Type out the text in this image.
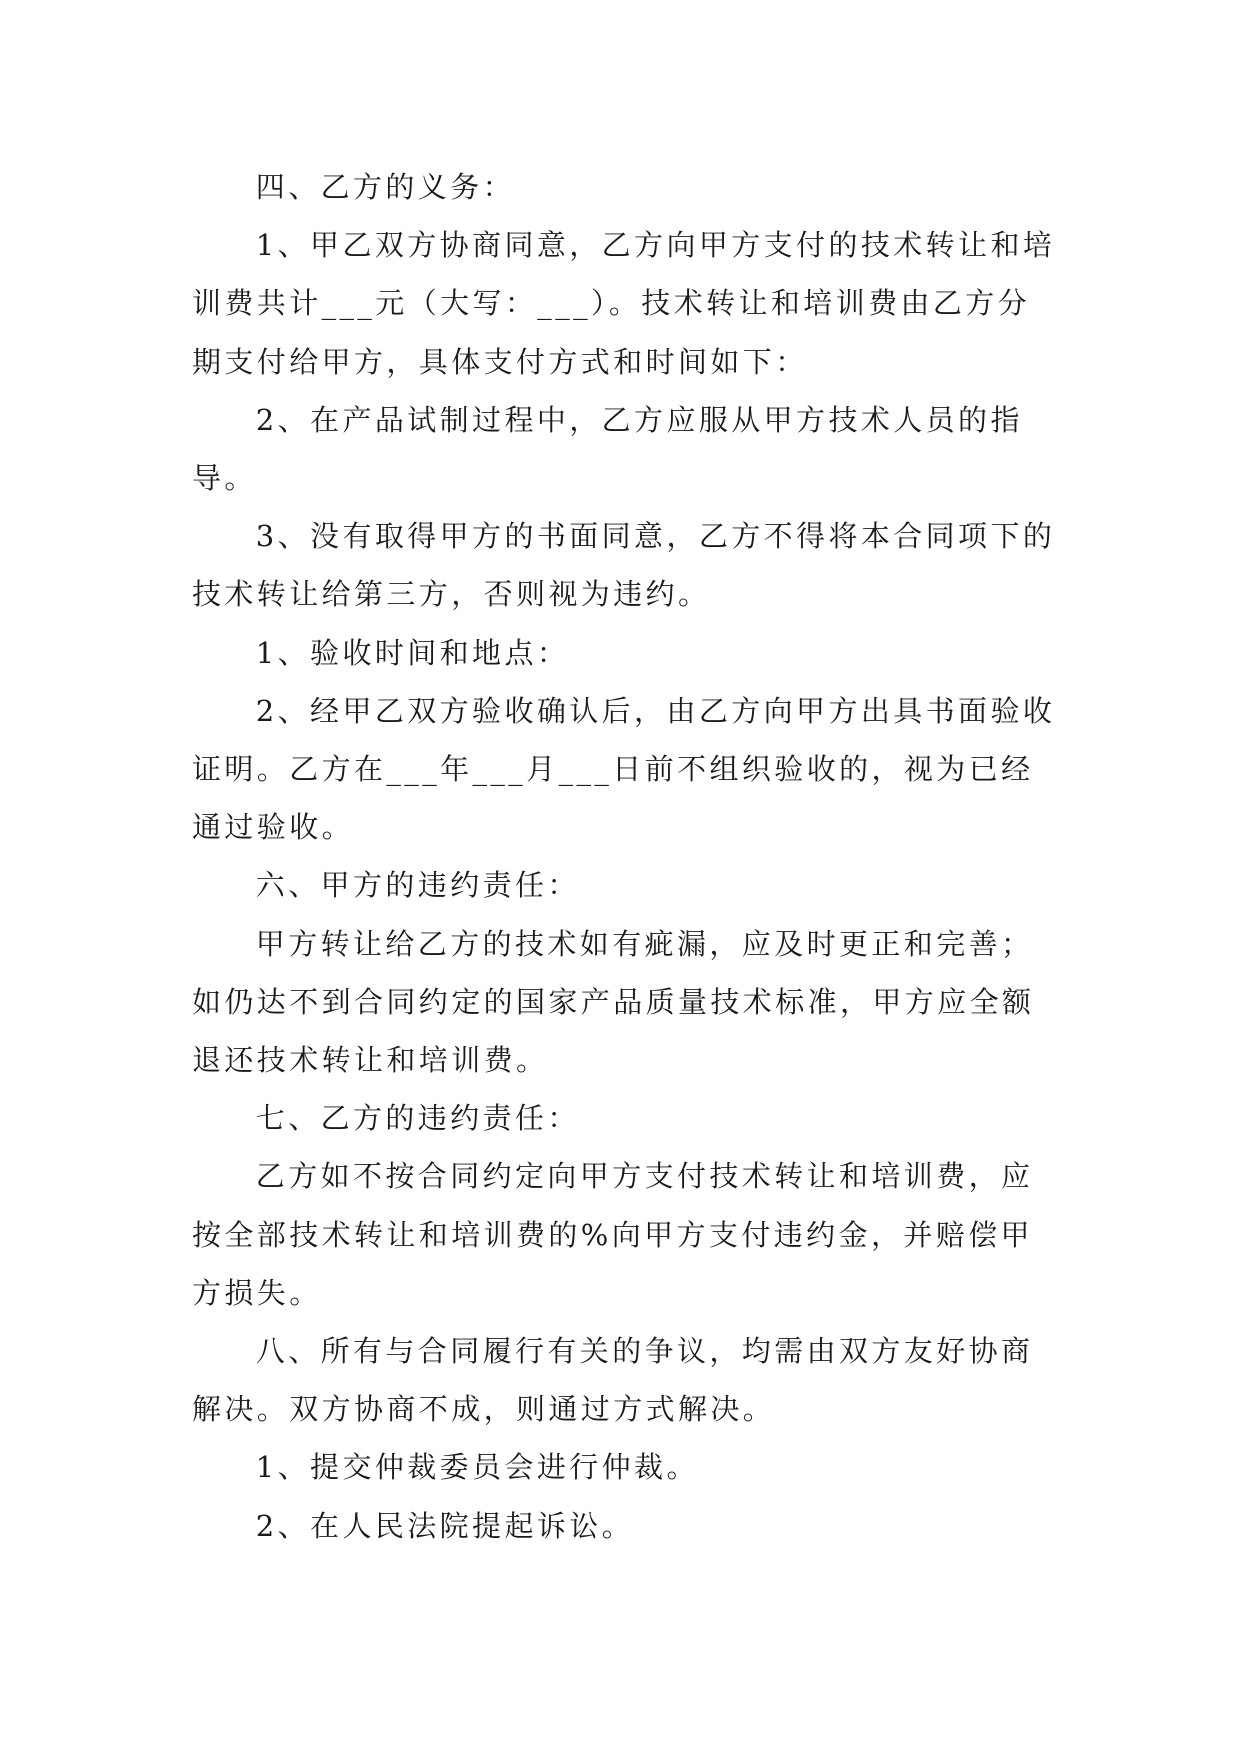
四、乙方的义务：

1、甲乙双方协商同意，乙方向甲方支付的技术转让和培训费共计___元（大写：___）。技术转让和培训费由乙方分期支付给甲方，具体支付方式和时间如下：

2、在产品试制过程中，乙方应服从甲方技术人员的指导。

3、没有取得甲方的书面同意，乙方不得将本合同项下的技术转让给第三方，否则视为违约。

1、验收时间和地点：

2、经甲乙双方验收确认后，由乙方向甲方出具书面验收证明。乙方在___年___月___日前不组织验收的，视为已经通过验收。

六、甲方的违约责任：

甲方转让给乙方的技术如有疵漏，应及时更正和完善；如仍达不到合同约定的国家产品质量技术标准，甲方应全额退还技术转让和培训费。

七、乙方的违约责任：

乙方如不按合同约定向甲方支付技术转让和培训费，应按全部技术转让和培训费的%向甲方支付违约金，并赔偿甲方损失。

八、所有与合同履行有关的争议，均需由双方友好协商解决。双方协商不成，则通过方式解决。

1、提交仲裁委员会进行仲裁。

2、在人民法院提起诉讼。
